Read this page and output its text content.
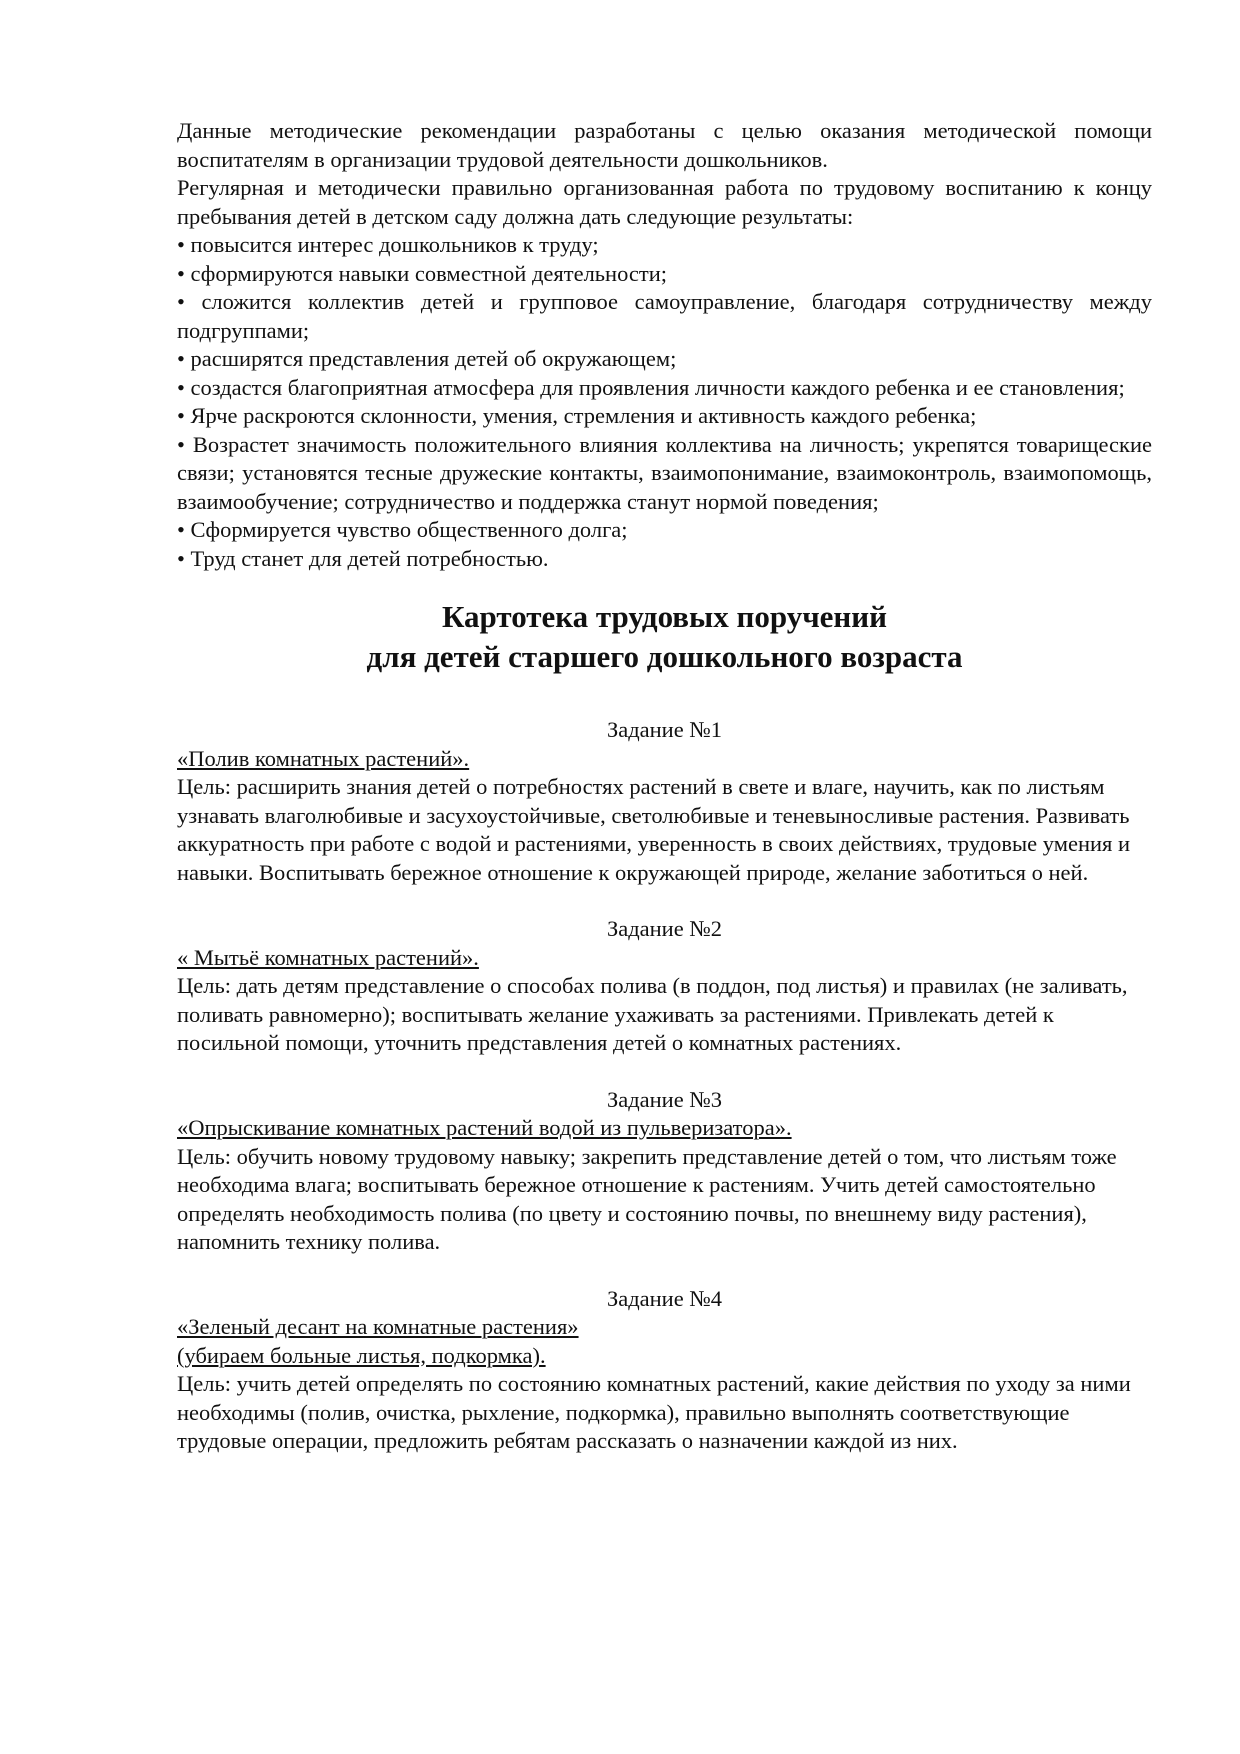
Данные методические рекомендации разработаны с целью оказания методической помощи воспитателям в организации трудовой деятельности дошкольников.

Регулярная и методически правильно организованная работа по трудовому воспитанию к концу пребывания детей в детском саду должна дать следующие результаты:

• повысится интерес дошкольников к труду;

• сформируются навыки совместной деятельности;

• сложится коллектив детей и групповое самоуправление, благодаря сотрудничеству между подгруппами;

• расширятся представления детей об окружающем;

• создастся благоприятная атмосфера для проявления личности каждого ребенка и ее становления;

• Ярче раскроются склонности, умения, стремления и активность каждого ребенка;

• Возрастет значимость положительного влияния коллектива на личность; укрепятся товарищеские связи; установятся тесные дружеские контакты, взаимопонимание, взаимоконтроль, взаимопомощь, взаимообучение; сотрудничество и поддержка станут нормой поведения;

• Сформируется чувство общественного долга;

• Труд станет для детей потребностью.

Картотека трудовых поручений
для детей старшего дошкольного возраста
Задание №1
«Полив комнатных растений».
Цель: расширить знания детей о потребностях растений в свете и влаге, научить, как по листьям узнавать влаголюбивые и засухоустойчивые, светолюбивые и теневыносливые растения. Развивать аккуратность при работе с водой и растениями, уверенность в своих действиях, трудовые умения и навыки. Воспитывать бережное отношение к окружающей природе, желание заботиться о ней.
Задание №2
« Мытьё комнатных растений».
Цель: дать детям представление о способах полива (в поддон, под листья) и правилах (не заливать, поливать равномерно); воспитывать желание ухаживать за растениями. Привлекать детей к посильной помощи, уточнить представления детей о комнатных растениях.
Задание №3
«Опрыскивание комнатных растений водой из пульверизатора».
Цель: обучить новому трудовому навыку; закрепить представление детей о том, что листьям тоже необходима влага; воспитывать бережное отношение к растениям. Учить детей самостоятельно определять необходимость полива (по цвету и состоянию почвы, по внешнему виду растения), напомнить технику полива.
Задание №4
«Зеленый десант на комнатные растения»
(убираем больные листья, подкормка).
Цель: учить детей определять по состоянию комнатных растений, какие действия по уходу за ними необходимы (полив, очистка, рыхление, подкормка), правильно выполнять соответствующие трудовые операции, предложить ребятам рассказать о назначении каждой из них.
